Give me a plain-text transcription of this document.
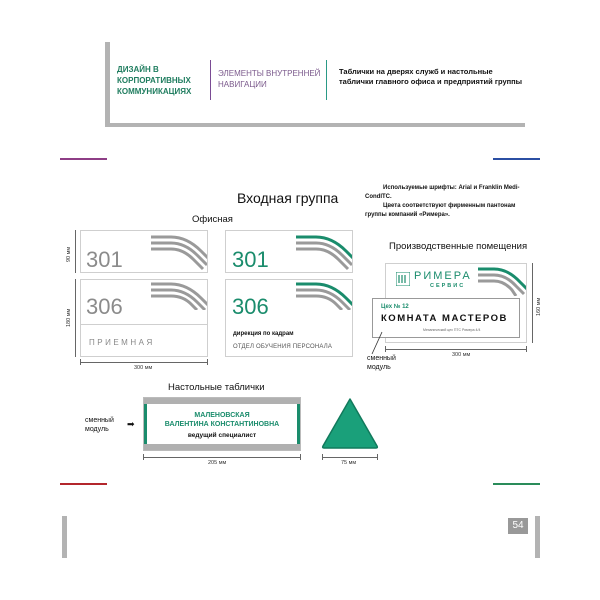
ДИЗАЙН В
КОРПОРАТИВНЫХ
КОММУНИКАЦИЯХ
ЭЛЕМЕНТЫ ВНУТРЕННЕЙ
НАВИГАЦИИ
Таблички на дверях служб и настольные
таблички главного офиса и предприятий группы
Входная группа
Используемые шрифты: Arial и Franklin Medi-
CondITC.
Цвета соответствуют фирменным пантонам
группы компаний «Римера».
Офисная
301
306
ПРИЕМНАЯ
90 мм
180 мм
300 мм
301
306
дирекция по кадрам
ОТДЕЛ ОБУЧЕНИЯ ПЕРСОНАЛА
Производственные помещения
РИМЕРА
СЕРВИС
Цех № 12
КОМНАТА МАСТЕРОВ
Механический цех ПТС Римера 4/4
160 мм
300 мм
сменный
модуль
Настольные таблички
сменный
модуль
➡
МАЛЕНОВСКАЯ
ВАЛЕНТИНА КОНСТАНТИНОВНА
ведущий специалист
205 мм	75 мм
54
